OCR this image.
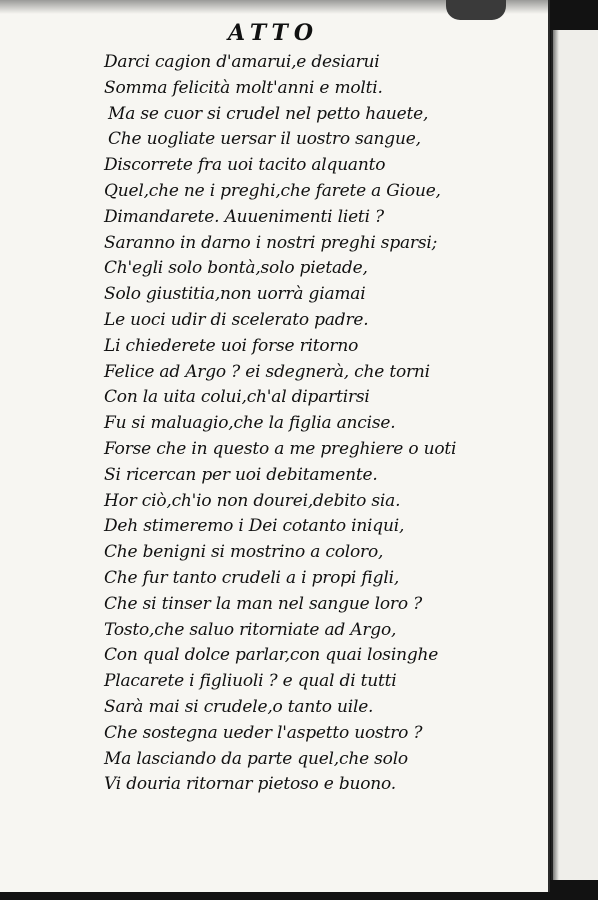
ATTO
Darci cagion d'amarui,e desiarui
Somma felicità molt'anni e molti.
Ma se cuor si crudel nel petto hauete,
Che uogliate uersar il uostro sangue,
Discorrete fra uoi tacito alquanto
Quel,che ne i preghi,che farete a Gioue,
Dimandarete. Auuenimenti lieti ?
Saranno in darno i nostri preghi sparsi;
Ch'egli solo bontà,solo pietade,
Solo giustitia,non uorrà giamai
Le uoci udir di scelerato padre.
Li chiederete uoi forse ritorno
Felice ad Argo ? ei sdegnerà, che torni
Con la uita colui,ch'al dipartirsi
Fu si maluagio,che la figlia ancise.
Forse che in questo a me preghiere o uoti
Si ricercan per uoi debitamente.
Hor ciò,ch'io non dourei,debito sia.
Deh stimeremo i Dei cotanto iniqui,
Che benigni si mostrino a coloro,
Che fur tanto crudeli a i propi figli,
Che si tinser la man nel sangue loro ?
Tosto,che saluo ritorniate ad Argo,
Con qual dolce parlar,con quai losinghe
Placarete i figliuoli ? e qual di tutti
Sarà mai si crudele,o tanto uile.
Che sostegna ueder l'aspetto uostro ?
Ma lasciando da parte quel,che solo
Vi douria ritornar pietoso e buono.
